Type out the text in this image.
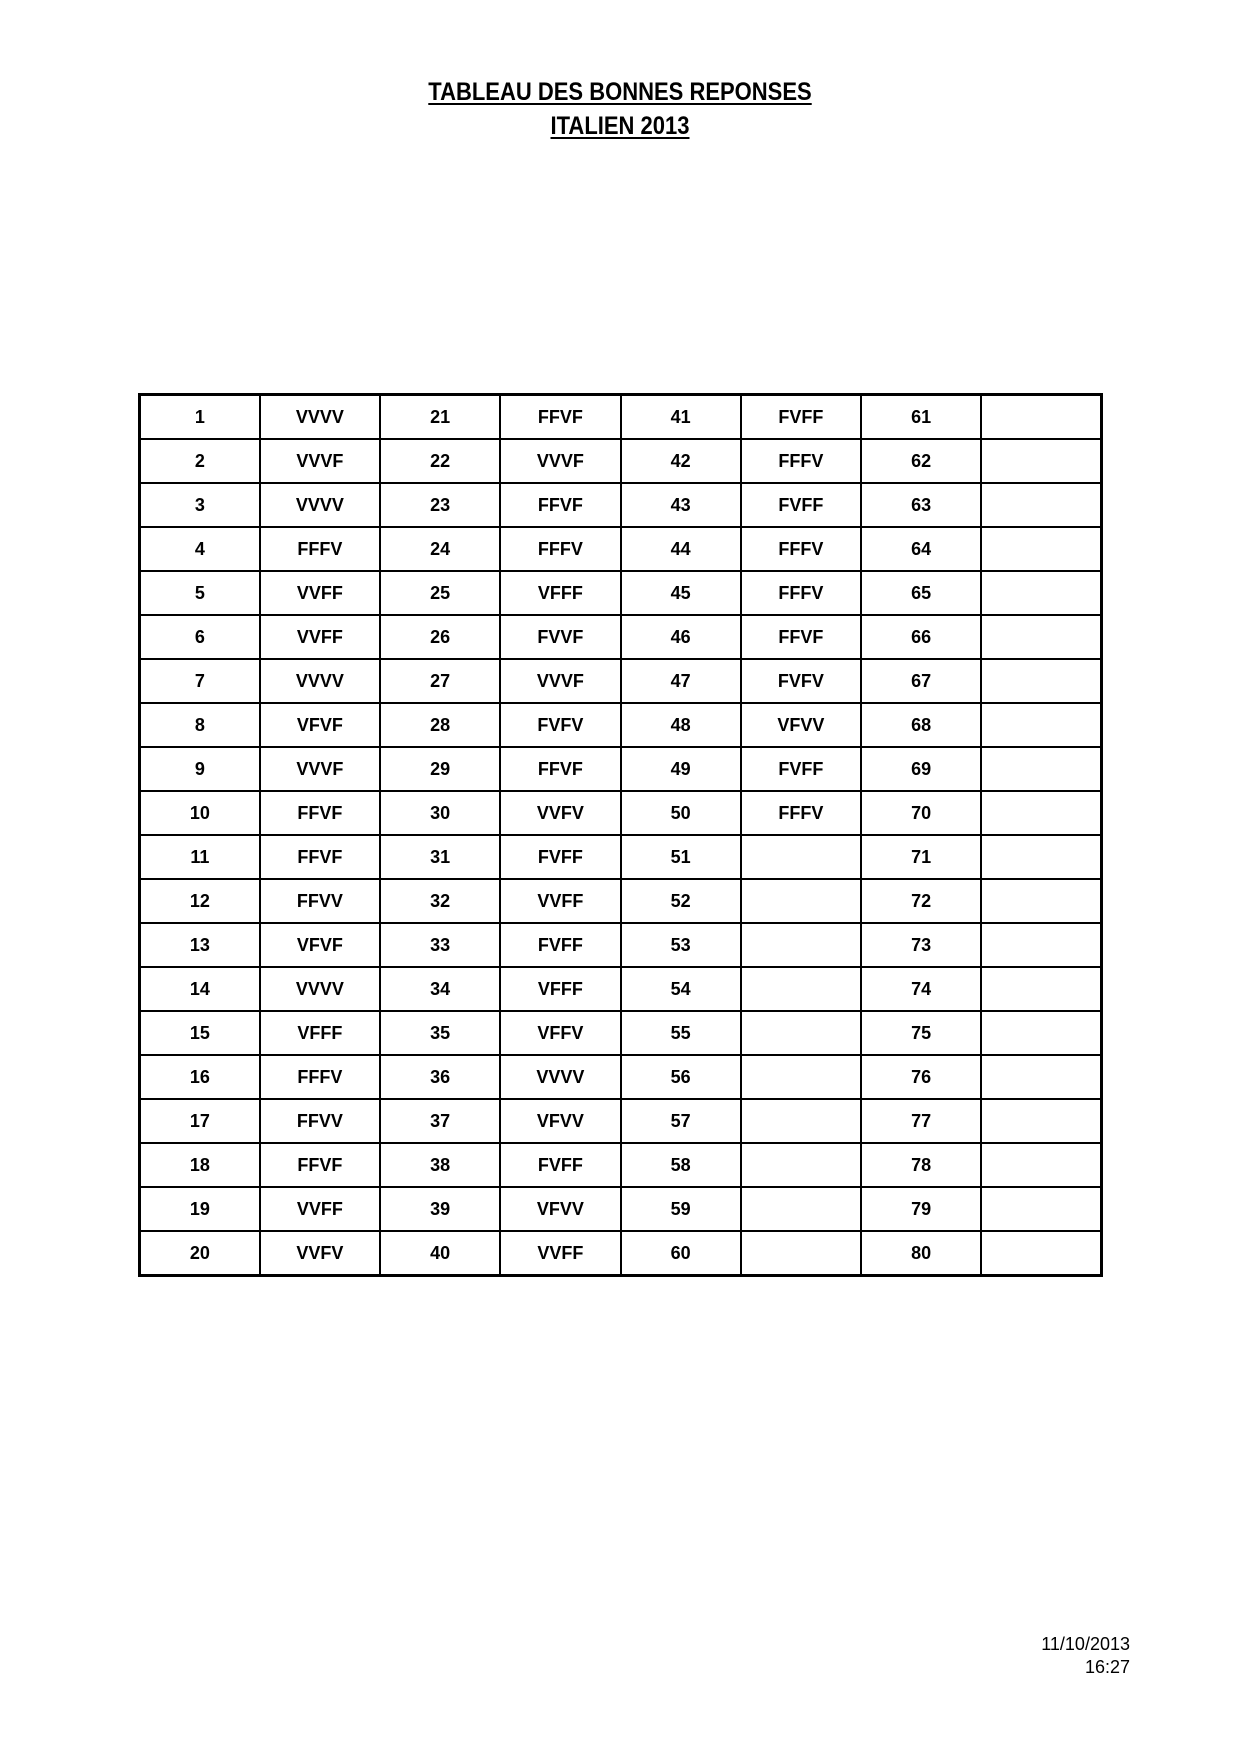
TABLEAU DES BONNES REPONSES
ITALIEN 2013
1	VVVV	21	FFVF	41	FVFF	61	
2	VVVF	22	VVVF	42	FFFV	62	
3	VVVV	23	FFVF	43	FVFF	63	
4	FFFV	24	FFFV	44	FFFV	64	
5	VVFF	25	VFFF	45	FFFV	65	
6	VVFF	26	FVVF	46	FFVF	66	
7	VVVV	27	VVVF	47	FVFV	67	
8	VFVF	28	FVFV	48	VFVV	68	
9	VVVF	29	FFVF	49	FVFF	69	
10	FFVF	30	VVFV	50	FFFV	70	
11	FFVF	31	FVFF	51		71	
12	FFVV	32	VVFF	52		72	
13	VFVF	33	FVFF	53		73	
14	VVVV	34	VFFF	54		74	
15	VFFF	35	VFFV	55		75	
16	FFFV	36	VVVV	56		76	
17	FFVV	37	VFVV	57		77	
18	FFVF	38	FVFF	58		78	
19	VVFF	39	VFVV	59		79	
20	VVFV	40	VVFF	60		80	
11/10/2013
16:27
